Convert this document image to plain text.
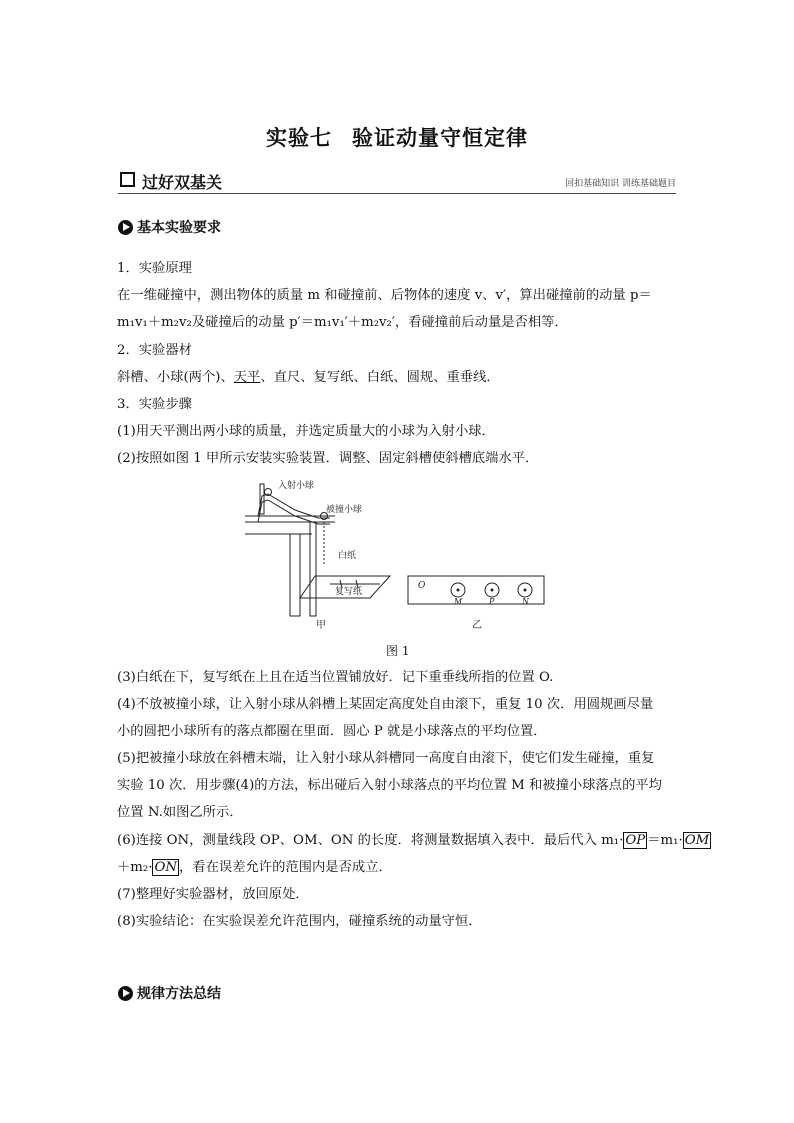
实验七 验证动量守恒定律
过好双基关	回扣基础知识 训练基础题目
基本实验要求
1．实验原理
在一维碰撞中，测出物体的质量 m 和碰撞前、后物体的速度 v、v′，算出碰撞前的动量 p＝
m₁v₁＋m₂v₂及碰撞后的动量 p′＝m₁v₁′＋m₂v₂′，看碰撞前后动量是否相等．
2．实验器材
斜槽、小球(两个)、天平、直尺、复写纸、白纸、圆规、重垂线．
3．实验步骤
(1)用天平测出两小球的质量，并选定质量大的小球为入射小球．
(2)按照如图 1 甲所示安装实验装置．调整、固定斜槽使斜槽底端水平．
入射小球
被撞小球
白纸
复写纸
O
M	P	N
甲	乙
图 1
(3)白纸在下，复写纸在上且在适当位置铺放好．记下重垂线所指的位置 O.
(4)不放被撞小球，让入射小球从斜槽上某固定高度处自由滚下，重复 10 次．用圆规画尽量
小的圆把小球所有的落点都圈在里面．圆心 P 就是小球落点的平均位置．
(5)把被撞小球放在斜槽末端，让入射小球从斜槽同一高度自由滚下，使它们发生碰撞，重复
实验 10 次．用步骤(4)的方法，标出碰后入射小球落点的平均位置 M 和被撞小球落点的平均
位置 N.如图乙所示．
(6)连接 ON，测量线段 OP、OM、ON 的长度．将测量数据填入表中．最后代入 $m_1\cdot \overline{OP} =m_1\cdot \overline{OM}$
$+m_2\cdot \overline{ON}$ ，看在误差允许的范围内是否成立．
(7)整理好实验器材，放回原处．
(8)实验结论：在实验误差允许范围内，碰撞系统的动量守恒．
规律方法总结
